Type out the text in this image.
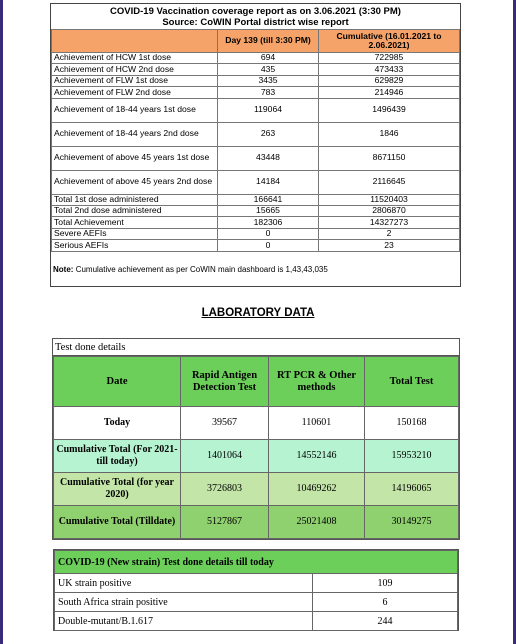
COVID-19 Vaccination coverage report as on 3.06.2021 (3:30 PM)
Source: CoWIN Portal district wise report
	Day 139 (till 3:30 PM)	Cumulative (16.01.2021 to 2.06.2021)
Achievement of HCW 1st dose	694	722985
Achievement of HCW 2nd dose	435	473433
Achievement of FLW 1st dose	3435	629829
Achievement of FLW 2nd dose	783	214946
Achievement of 18-44 years 1st dose	119064	1496439
Achievement of 18-44 years 2nd dose	263	1846
Achievement of above 45 years 1st dose	43448	8671150
Achievement of above 45 years 2nd dose	14184	2116645
Total 1st dose administered	166641	11520403
Total 2nd dose administered	15665	2806870
Total Achievement	182306	14327273
Severe AEFIs	0	2
Serious AEFIs	0	23
Note: Cumulative achievement as per CoWIN main dashboard is 1,43,43,035
LABORATORY DATA
Test done details
Date	Rapid Antigen Detection Test	RT PCR & Other methods	Total Test
Today	39567	110601	150168
Cumulative Total (For 2021- till today)	1401064	14552146	15953210
Cumulative Total (for year 2020)	3726803	10469262	14196065
Cumulative Total (Tilldate)	5127867	25021408	30149275
COVID-19 (New strain) Test done details till today	
UK strain positive	109
South Africa strain positive	6
Double-mutant/B.1.617	244
